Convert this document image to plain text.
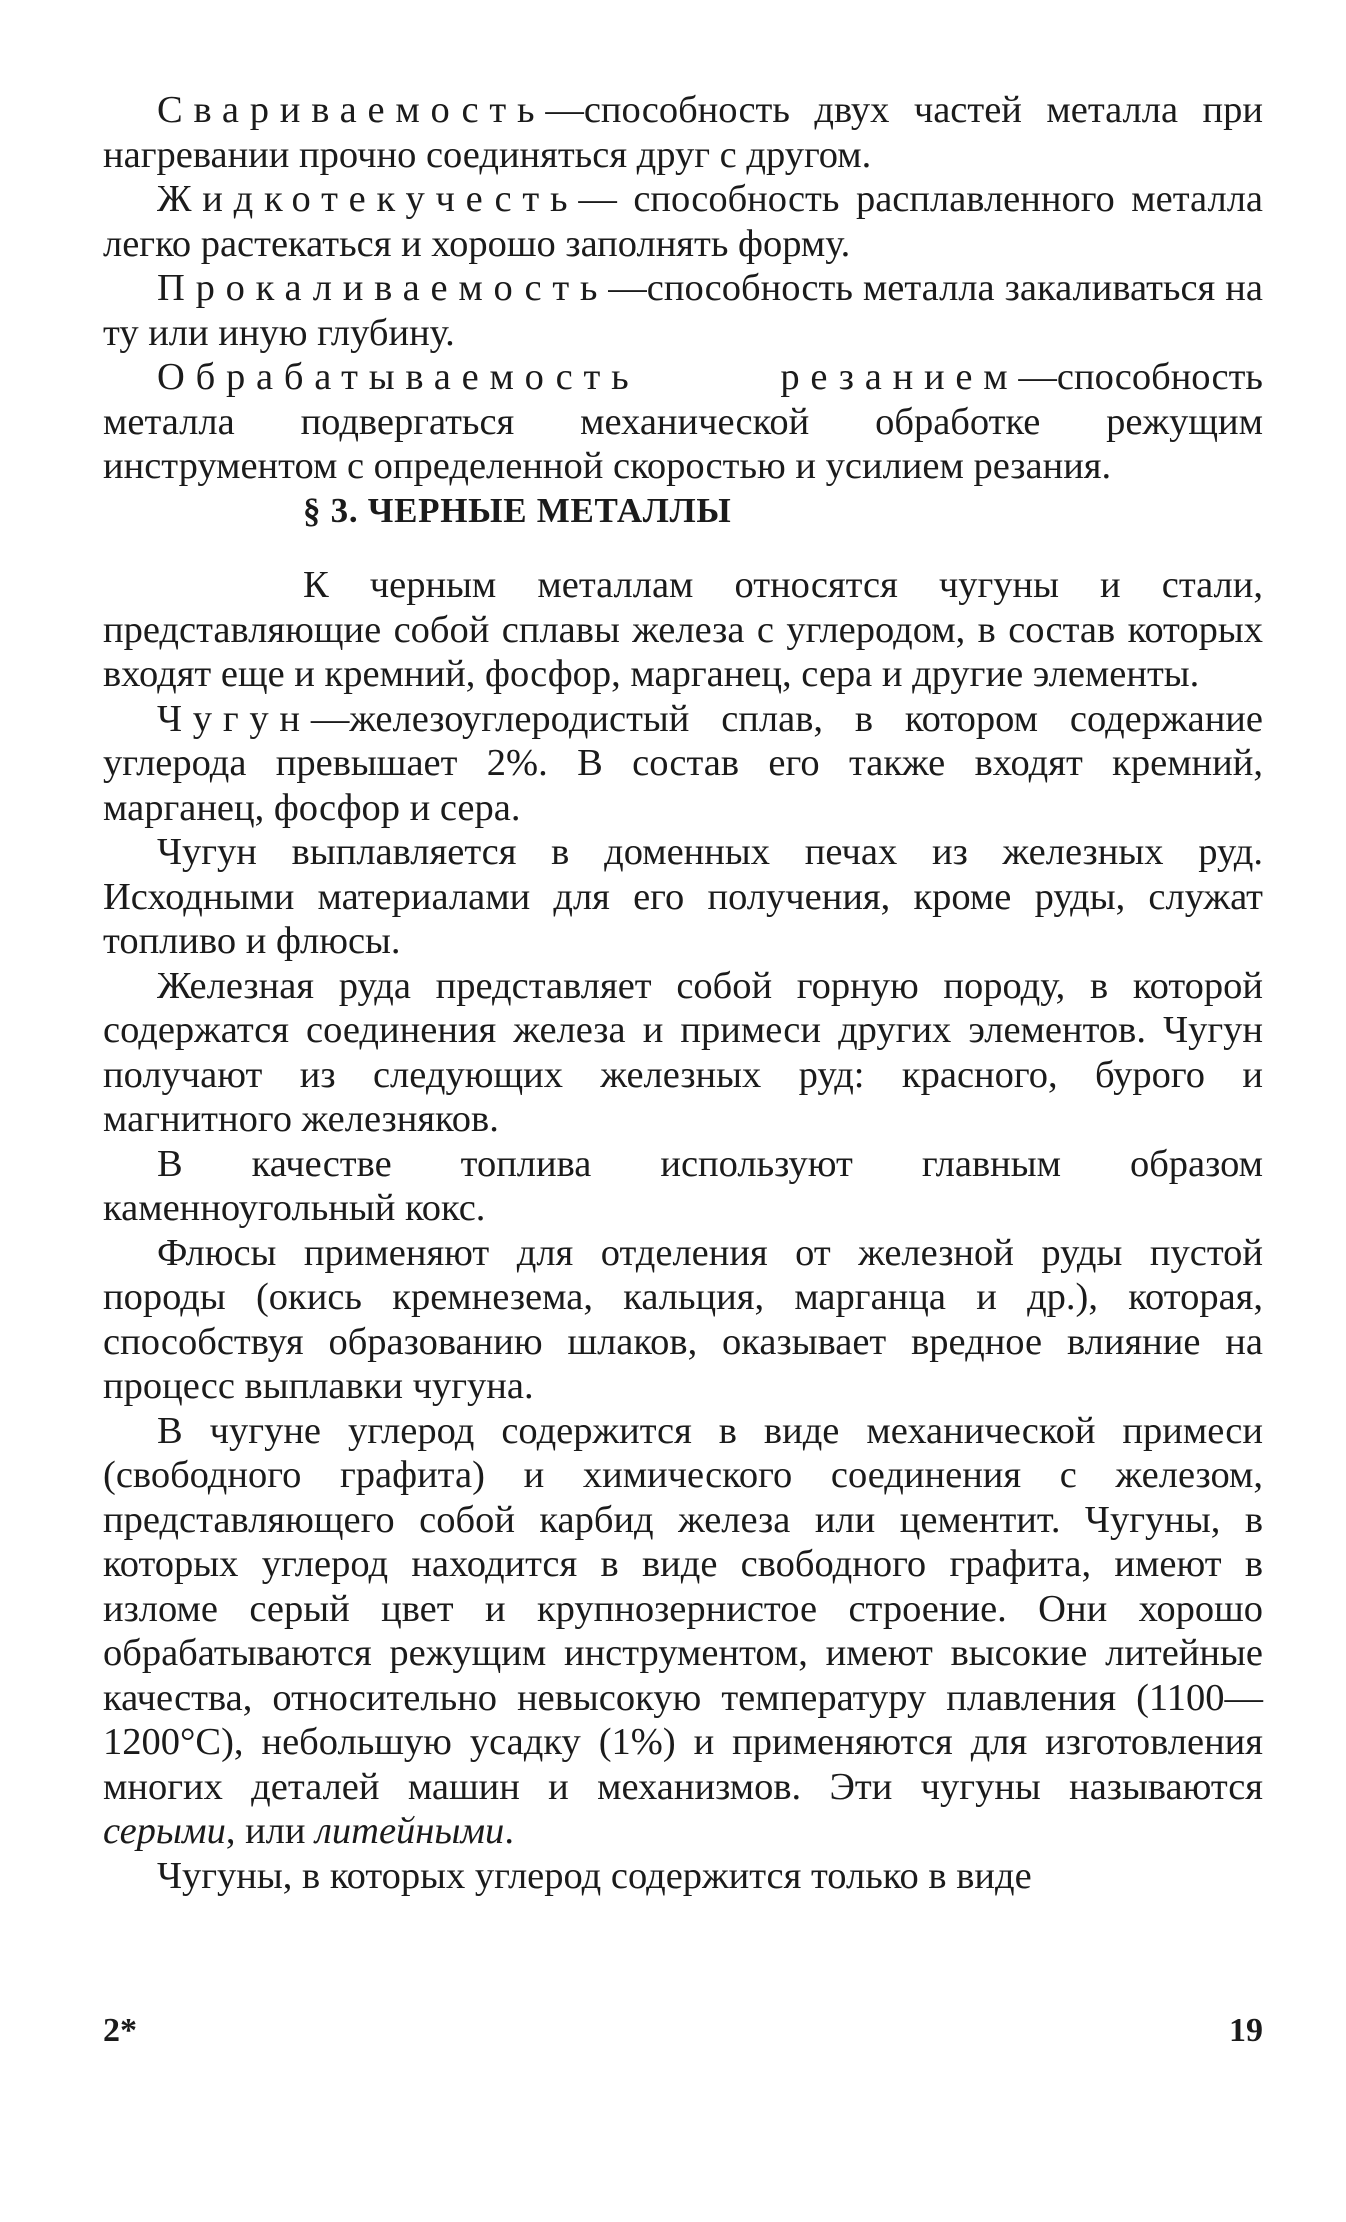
Свариваемость—способность двух частей металла при нагревании прочно соединяться друг с другом.

Жидкотекучесть— способность расплавленного металла легко растекаться и хорошо заполнять форму.

Прокаливаемость—способность металла закаливаться на ту или иную глубину.

Обрабатываемость резанием—способность металла подвергаться механической обработке режущим инструментом с определенной скоростью и усилием резания.

§ 3. ЧЕРНЫЕ МЕТАЛЛЫ

К черным металлам относятся чугуны и стали, представляющие собой сплавы железа с углеродом, в состав которых входят еще и кремний, фосфор, марганец, сера и другие элементы.

Чугун—железоуглеродистый сплав, в котором содержание углерода превышает 2%. В состав его также входят кремний, марганец, фосфор и сера.

Чугун выплавляется в доменных печах из железных руд. Исходными материалами для его получения, кроме руды, служат топливо и флюсы.

Железная руда представляет собой горную породу, в которой содержатся соединения железа и примеси других элементов. Чугун получают из следующих железных руд: красного, бурого и магнитного железняков.

В качестве топлива используют главным образом каменноугольный кокс.

Флюсы применяют для отделения от железной руды пустой породы (окись кремнезема, кальция, марганца и др.), которая, способствуя образованию шлаков, оказывает вредное влияние на процесс выплавки чугуна.

В чугуне углерод содержится в виде механической примеси (свободного графита) и химического соединения с железом, представляющего собой карбид железа или цементит. Чугуны, в которых углерод находится в виде свободного графита, имеют в изломе серый цвет и крупнозернистое строение. Они хорошо обрабатываются режущим инструментом, имеют высокие литейные качества, относительно невысокую температуру плавления (1100—1200°С), небольшую усадку (1%) и применяются для изготовления многих деталей машин и механизмов. Эти чугуны называются серыми, или литейными.

Чугуны, в которых углерод содержится только в виде

2*	19
